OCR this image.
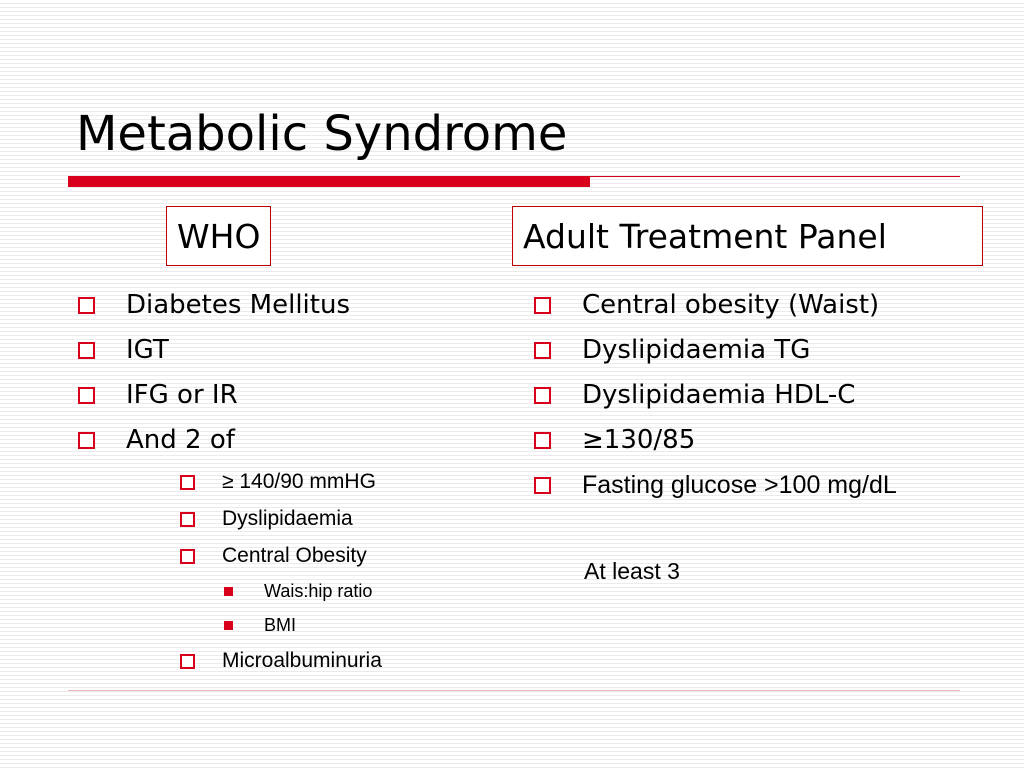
Metabolic Syndrome
WHO	Adult Treatment Panel
Diabetes Mellitus
IGT
IFG or IR
And 2 of
≥ 140/90 mmHG
Dyslipidaemia
Central Obesity
Wais:hip ratio
BMI
Microalbuminuria
Central obesity (Waist)
Dyslipidaemia TG
Dyslipidaemia HDL-C
≥130/85
Fasting glucose >100 mg/dL
At least 3
